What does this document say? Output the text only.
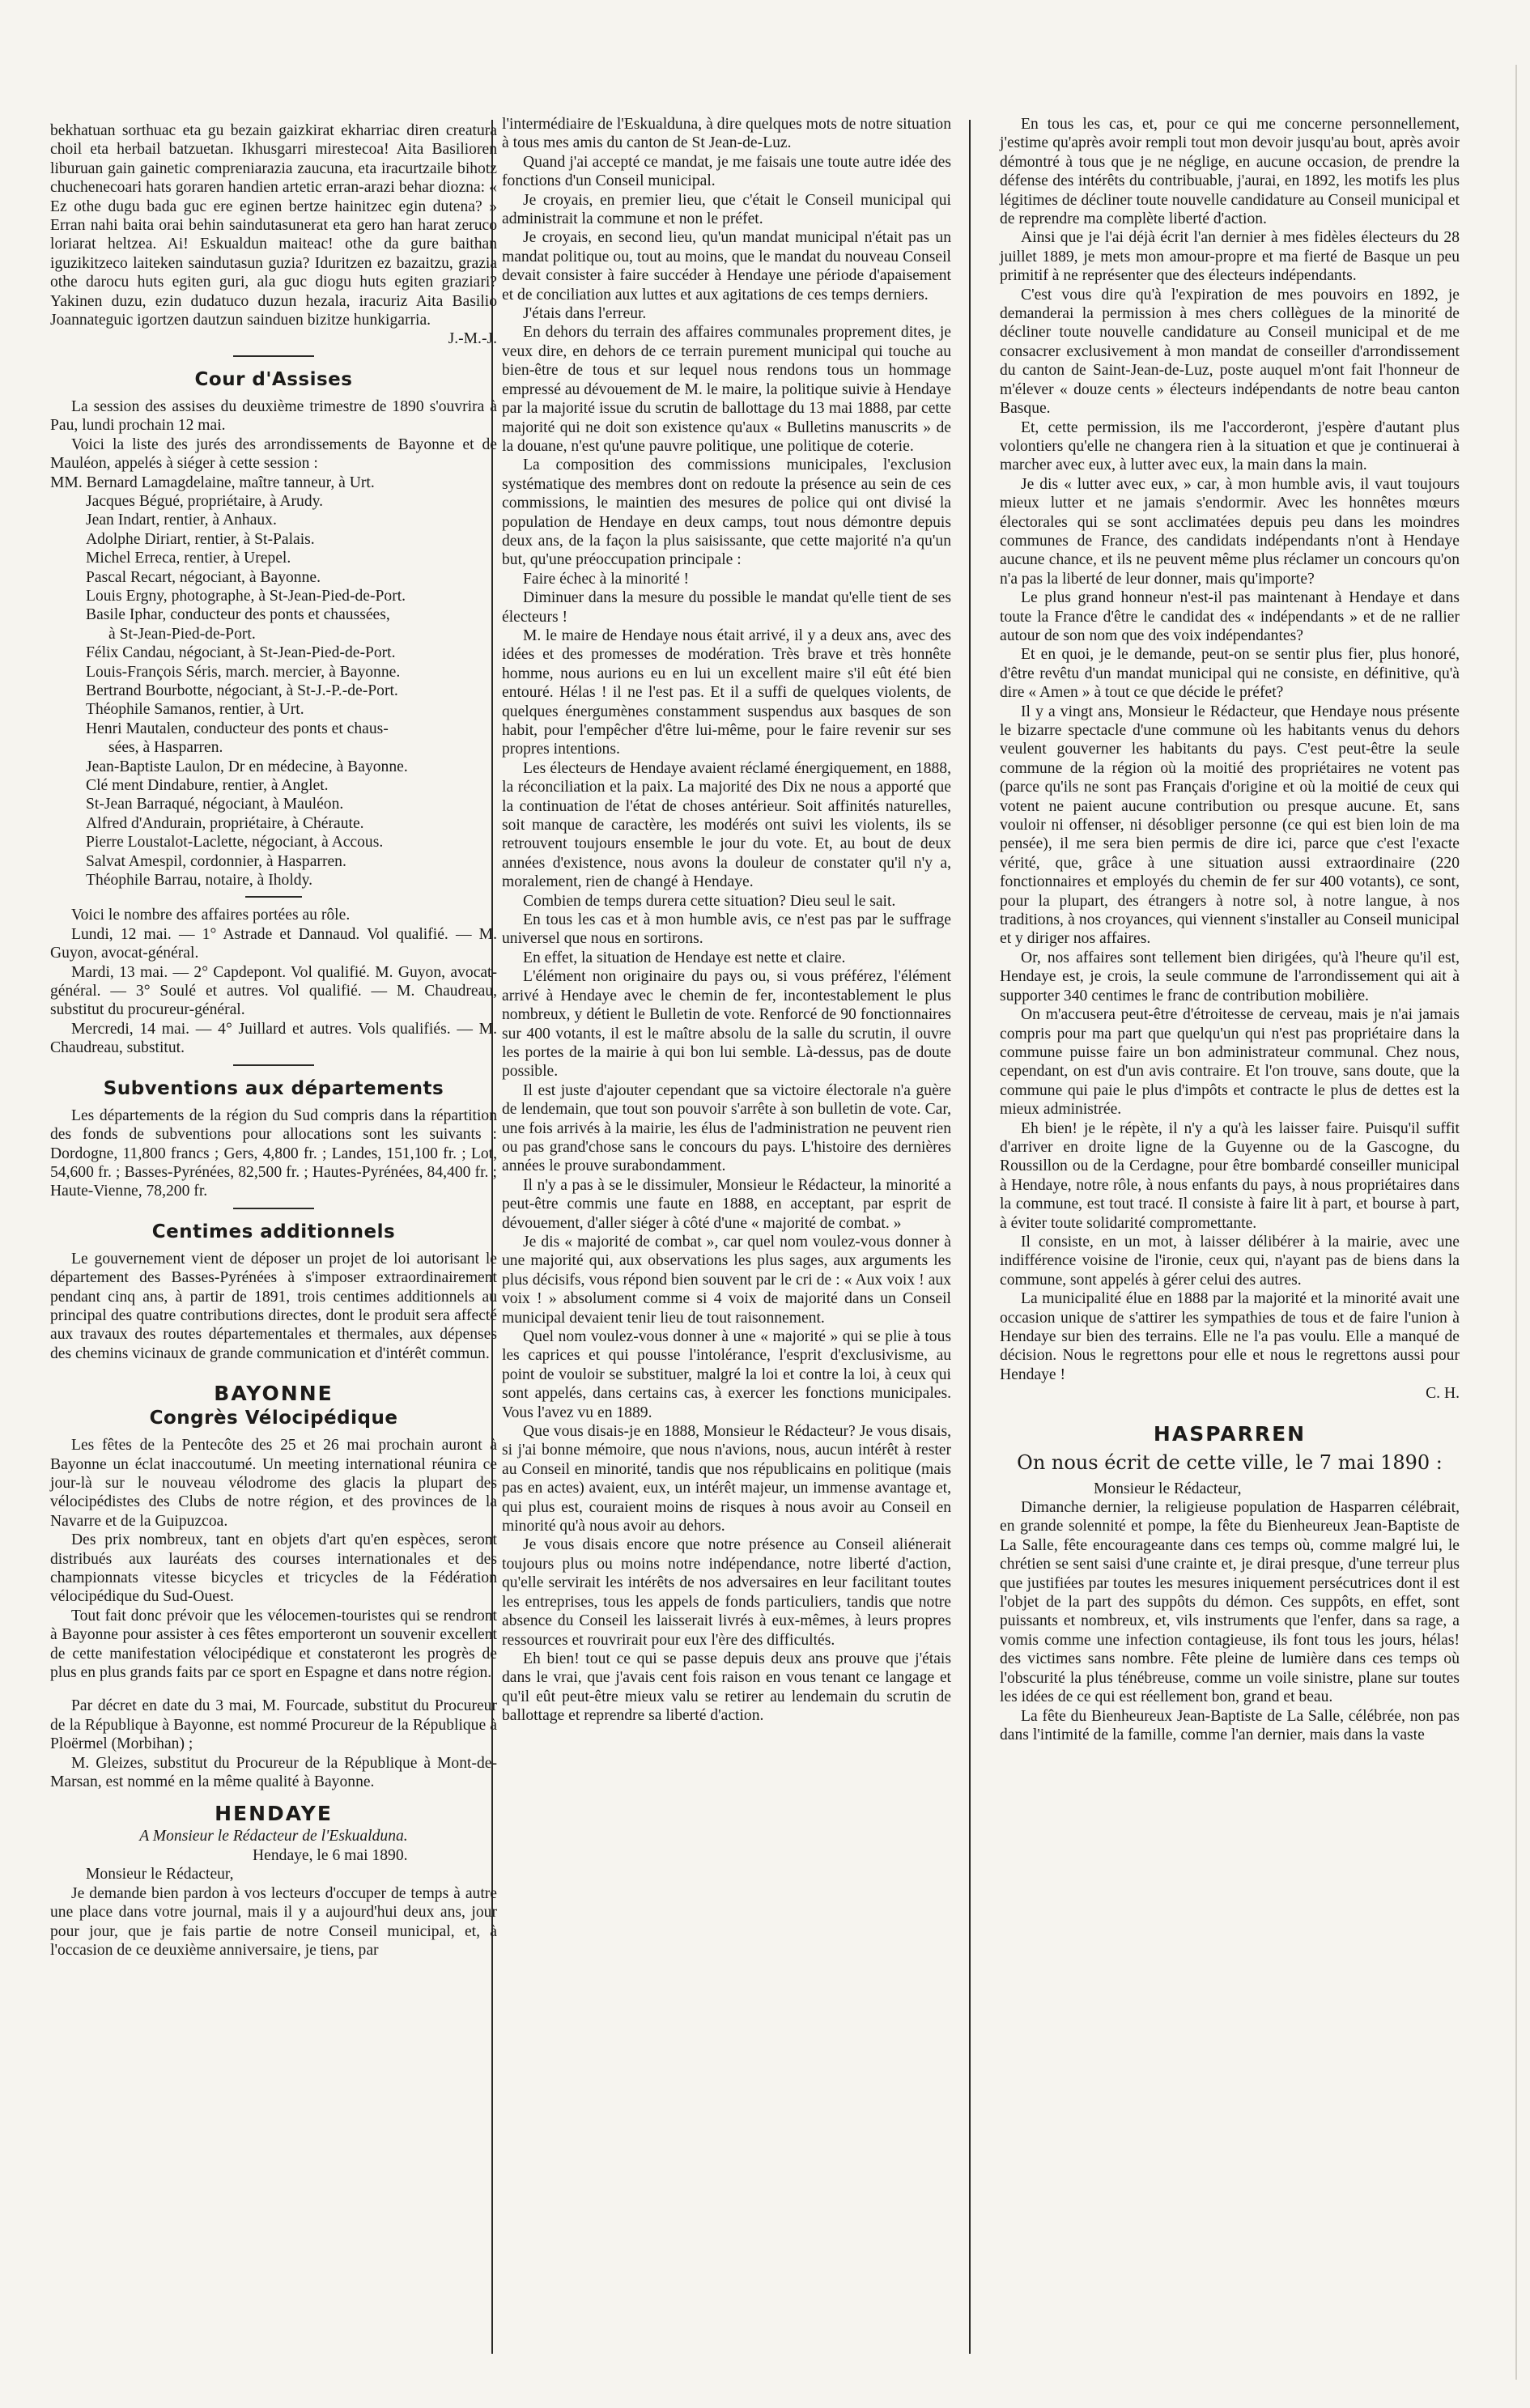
bekhatuan sorthuac eta gu bezain gaizkirat ekharriac diren creatura choil eta herbail batzuetan. Ikhusgarri mirestecoa! Aita Basilioren liburuan gain gainetic compreniarazia zaucuna, eta iracurtzaile bihotz chuchenecoari hats goraren handien artetic erran-arazi behar diozna: « Ez othe dugu bada guc ere eginen bertze hainitzec egin dutena? » Erran nahi baita orai behin saindutasunerat eta gero han harat zeruco loriarat heltzea. Ai! Eskualdun maiteac! othe da gure baithan iguzikitzeco laiteken saindutasun guzia? Iduritzen ez bazaitzu, grazia othe darocu huts egiten guri, ala guc diogu huts egiten graziari? Yakinen duzu, ezin dudatuco duzun hezala, iracuriz Aita Basilio Joannateguic igortzen dautzun sainduen bizitze hunkigarria.

J.-M.-J.

Cour d'Assises

La session des assises du deuxième trimestre de 1890 s'ouvrira à Pau, lundi prochain 12 mai.

Voici la liste des jurés des arrondissements de Bayonne et de Mauléon, appelés à siéger à cette session :

MM. Bernard Lamagdelaine, maître tanneur, à Urt.
Jacques Bégué, propriétaire, à Arudy.
Jean Indart, rentier, à Anhaux.
Adolphe Diriart, rentier, à St-Palais.
Michel Erreca, rentier, à Urepel.
Pascal Recart, négociant, à Bayonne.
Louis Ergny, photographe, à St-Jean-Pied-de-Port.
Basile Iphar, conducteur des ponts et chaussées,
à St-Jean-Pied-de-Port.
Félix Candau, négociant, à St-Jean-Pied-de-Port.
Louis-François Séris, march. mercier, à Bayonne.
Bertrand Bourbotte, négociant, à St-J.-P.-de-Port.
Théophile Samanos, rentier, à Urt.
Henri Mautalen, conducteur des ponts et chaus-
sées, à Hasparren.
Jean-Baptiste Laulon, Dr en médecine, à Bayonne.
Clé ment Dindabure, rentier, à Anglet.
St-Jean Barraqué, négociant, à Mauléon.
Alfred d'Andurain, propriétaire, à Chéraute.
Pierre Loustalot-Laclette, négociant, à Accous.
Salvat Amespil, cordonnier, à Hasparren.
Théophile Barrau, notaire, à Iholdy.

Voici le nombre des affaires portées au rôle.

Lundi, 12 mai. — 1° Astrade et Dannaud. Vol qualifié. — M. Guyon, avocat-général.

Mardi, 13 mai. — 2° Capdepont. Vol qualifié. M. Guyon, avocat-général. — 3° Soulé et autres. Vol qualifié. — M. Chaudreau, substitut du procureur-général.

Mercredi, 14 mai. — 4° Juillard et autres. Vols qualifiés. — M. Chaudreau, substitut.

Subventions aux départements

Les départements de la région du Sud compris dans la répartition des fonds de subventions pour allocations sont les suivants : Dordogne, 11,800 francs ; Gers, 4,800 fr. ; Landes, 151,100 fr. ; Lot, 54,600 fr. ; Basses-Pyrénées, 82,500 fr. ; Hautes-Pyrénées, 84,400 fr. ; Haute-Vienne, 78,200 fr.

Centimes additionnels

Le gouvernement vient de déposer un projet de loi autorisant le département des Basses-Pyrénées à s'imposer extraordinairement pendant cinq ans, à partir de 1891, trois centimes additionnels au principal des quatre contributions directes, dont le produit sera affecté aux travaux des routes départementales et thermales, aux dépenses des chemins vicinaux de grande communication et d'intérêt commun.

BAYONNE
Congrès Vélocipédique

Les fêtes de la Pentecôte des 25 et 26 mai prochain auront à Bayonne un éclat inaccoutumé. Un meeting international réunira ce jour-là sur le nouveau vélodrome des glacis la plupart des vélocipédistes des Clubs de notre région, et des provinces de la Navarre et de la Guipuzcoa.

Des prix nombreux, tant en objets d'art qu'en espèces, seront distribués aux lauréats des courses internationales et des championnats vitesse bicycles et tricycles de la Fédération vélocipédique du Sud-Ouest.

Tout fait donc prévoir que les vélocemen-touristes qui se rendront à Bayonne pour assister à ces fêtes emporteront un souvenir excellent de cette manifestation vélocipédique et constateront les progrès de plus en plus grands faits par ce sport en Espagne et dans notre région.

Par décret en date du 3 mai, M. Fourcade, substitut du Procureur de la République à Bayonne, est nommé Procureur de la République à Ploërmel (Morbihan) ;

M. Gleizes, substitut du Procureur de la République à Mont-de-Marsan, est nommé en la même qualité à Bayonne.

HENDAYE

A Monsieur le Rédacteur de l'Eskualduna.

Hendaye, le 6 mai 1890.

Monsieur le Rédacteur,

Je demande bien pardon à vos lecteurs d'occuper de temps à autre une place dans votre journal, mais il y a aujourd'hui deux ans, jour pour jour, que je fais partie de notre Conseil municipal, et, à l'occasion de ce deuxième anniversaire, je tiens, par

l'intermédiaire de l'Eskualduna, à dire quelques mots de notre situation à tous mes amis du canton de St Jean-de-Luz.

Quand j'ai accepté ce mandat, je me faisais une toute autre idée des fonctions d'un Conseil municipal.

Je croyais, en premier lieu, que c'était le Conseil municipal qui administrait la commune et non le préfet.

Je croyais, en second lieu, qu'un mandat municipal n'était pas un mandat politique ou, tout au moins, que le mandat du nouveau Conseil devait consister à faire succéder à Hendaye une période d'apaisement et de conciliation aux luttes et aux agitations de ces temps derniers.

J'étais dans l'erreur.

En dehors du terrain des affaires communales proprement dites, je veux dire, en dehors de ce terrain purement municipal qui touche au bien-être de tous et sur lequel nous rendons tous un hommage empressé au dévouement de M. le maire, la politique suivie à Hendaye par la majorité issue du scrutin de ballottage du 13 mai 1888, par cette majorité qui ne doit son existence qu'aux « Bulletins manuscrits » de la douane, n'est qu'une pauvre politique, une politique de coterie.

La composition des commissions municipales, l'exclusion systématique des membres dont on redoute la présence au sein de ces commissions, le maintien des mesures de police qui ont divisé la population de Hendaye en deux camps, tout nous démontre depuis deux ans, de la façon la plus saisissante, que cette majorité n'a qu'un but, qu'une préoccupation principale :

Faire échec à la minorité !

Diminuer dans la mesure du possible le mandat qu'elle tient de ses électeurs !

M. le maire de Hendaye nous était arrivé, il y a deux ans, avec des idées et des promesses de modération. Très brave et très honnête homme, nous aurions eu en lui un excellent maire s'il eût été bien entouré. Hélas ! il ne l'est pas. Et il a suffi de quelques violents, de quelques énergumènes constamment suspendus aux basques de son habit, pour l'empêcher d'être lui-même, pour le faire revenir sur ses propres intentions.

Les électeurs de Hendaye avaient réclamé énergiquement, en 1888, la réconciliation et la paix. La majorité des Dix ne nous a apporté que la continuation de l'état de choses antérieur. Soit affinités naturelles, soit manque de caractère, les modérés ont suivi les violents, ils se retrouvent toujours ensemble le jour du vote. Et, au bout de deux années d'existence, nous avons la douleur de constater qu'il n'y a, moralement, rien de changé à Hendaye.

Combien de temps durera cette situation? Dieu seul le sait.

En tous les cas et à mon humble avis, ce n'est pas par le suffrage universel que nous en sortirons.

En effet, la situation de Hendaye est nette et claire.

L'élément non originaire du pays ou, si vous préférez, l'élément arrivé à Hendaye avec le chemin de fer, incontestablement le plus nombreux, y détient le Bulletin de vote. Renforcé de 90 fonctionnaires sur 400 votants, il est le maître absolu de la salle du scrutin, il ouvre les portes de la mairie à qui bon lui semble. Là-dessus, pas de doute possible.

Il est juste d'ajouter cependant que sa victoire électorale n'a guère de lendemain, que tout son pouvoir s'arrête à son bulletin de vote. Car, une fois arrivés à la mairie, les élus de l'administration ne peuvent rien ou pas grand'chose sans le concours du pays. L'histoire des dernières années le prouve surabondamment.

Il n'y a pas à se le dissimuler, Monsieur le Rédacteur, la minorité a peut-être commis une faute en 1888, en acceptant, par esprit de dévouement, d'aller siéger à côté d'une « majorité de combat. »

Je dis « majorité de combat », car quel nom voulez-vous donner à une majorité qui, aux observations les plus sages, aux arguments les plus décisifs, vous répond bien souvent par le cri de : « Aux voix ! aux voix ! » absolument comme si 4 voix de majorité dans un Conseil municipal devaient tenir lieu de tout raisonnement.

Quel nom voulez-vous donner à une « majorité » qui se plie à tous les caprices et qui pousse l'intolérance, l'esprit d'exclusivisme, au point de vouloir se substituer, malgré la loi et contre la loi, à ceux qui sont appelés, dans certains cas, à exercer les fonctions municipales. Vous l'avez vu en 1889.

Que vous disais-je en 1888, Monsieur le Rédacteur? Je vous disais, si j'ai bonne mémoire, que nous n'avions, nous, aucun intérêt à rester au Conseil en minorité, tandis que nos républicains en politique (mais pas en actes) avaient, eux, un intérêt majeur, un immense avantage et, qui plus est, couraient moins de risques à nous avoir au Conseil en minorité qu'à nous avoir au dehors.

Je vous disais encore que notre présence au Conseil aliénerait toujours plus ou moins notre indépendance, notre liberté d'action, qu'elle servirait les intérêts de nos adversaires en leur facilitant toutes les entreprises, tous les appels de fonds particuliers, tandis que notre absence du Conseil les laisserait livrés à eux-mêmes, à leurs propres ressources et rouvrirait pour eux l'ère des difficultés.

Eh bien! tout ce qui se passe depuis deux ans prouve que j'étais dans le vrai, que j'avais cent fois raison en vous tenant ce langage et qu'il eût peut-être mieux valu se retirer au lendemain du scrutin de ballottage et reprendre sa liberté d'action.

En tous les cas, et, pour ce qui me concerne personnellement, j'estime qu'après avoir rempli tout mon devoir jusqu'au bout, après avoir démontré à tous que je ne néglige, en aucune occasion, de prendre la défense des intérêts du contribuable, j'aurai, en 1892, les motifs les plus légitimes de décliner toute nouvelle candidature au Conseil municipal et de reprendre ma complète liberté d'action.

Ainsi que je l'ai déjà écrit l'an dernier à mes fidèles électeurs du 28 juillet 1889, je mets mon amour-propre et ma fierté de Basque un peu primitif à ne représenter que des électeurs indépendants.

C'est vous dire qu'à l'expiration de mes pouvoirs en 1892, je demanderai la permission à mes chers collègues de la minorité de décliner toute nouvelle candidature au Conseil municipal et de me consacrer exclusivement à mon mandat de conseiller d'arrondissement du canton de Saint-Jean-de-Luz, poste auquel m'ont fait l'honneur de m'élever « douze cents » électeurs indépendants de notre beau canton Basque.

Et, cette permission, ils me l'accorderont, j'espère d'autant plus volontiers qu'elle ne changera rien à la situation et que je continuerai à marcher avec eux, à lutter avec eux, la main dans la main.

Je dis « lutter avec eux, » car, à mon humble avis, il vaut toujours mieux lutter et ne jamais s'endormir. Avec les honnêtes mœurs électorales qui se sont acclimatées depuis peu dans les moindres communes de France, des candidats indépendants n'ont à Hendaye aucune chance, et ils ne peuvent même plus réclamer un concours qu'on n'a pas la liberté de leur donner, mais qu'importe?

Le plus grand honneur n'est-il pas maintenant à Hendaye et dans toute la France d'être le candidat des « indépendants » et de ne rallier autour de son nom que des voix indépendantes?

Et en quoi, je le demande, peut-on se sentir plus fier, plus honoré, d'être revêtu d'un mandat municipal qui ne consiste, en définitive, qu'à dire « Amen » à tout ce que décide le préfet?

Il y a vingt ans, Monsieur le Rédacteur, que Hendaye nous présente le bizarre spectacle d'une commune où les habitants venus du dehors veulent gouverner les habitants du pays. C'est peut-être la seule commune de la région où la moitié des propriétaires ne votent pas (parce qu'ils ne sont pas Français d'origine et où la moitié de ceux qui votent ne paient aucune contribution ou presque aucune. Et, sans vouloir ni offenser, ni désobliger personne (ce qui est bien loin de ma pensée), il me sera bien permis de dire ici, parce que c'est l'exacte vérité, que, grâce à une situation aussi extraordinaire (220 fonctionnaires et employés du chemin de fer sur 400 votants), ce sont, pour la plupart, des étrangers à notre sol, à notre langue, à nos traditions, à nos croyances, qui viennent s'installer au Conseil municipal et y diriger nos affaires.

Or, nos affaires sont tellement bien dirigées, qu'à l'heure qu'il est, Hendaye est, je crois, la seule commune de l'arrondissement qui ait à supporter 340 centimes le franc de contribution mobilière.

On m'accusera peut-être d'étroitesse de cerveau, mais je n'ai jamais compris pour ma part que quelqu'un qui n'est pas propriétaire dans la commune puisse faire un bon administrateur communal. Chez nous, cependant, on est d'un avis contraire. Et l'on trouve, sans doute, que la commune qui paie le plus d'impôts et contracte le plus de dettes est la mieux administrée.

Eh bien! je le répète, il n'y a qu'à les laisser faire. Puisqu'il suffit d'arriver en droite ligne de la Guyenne ou de la Gascogne, du Roussillon ou de la Cerdagne, pour être bombardé conseiller municipal à Hendaye, notre rôle, à nous enfants du pays, à nous propriétaires dans la commune, est tout tracé. Il consiste à faire lit à part, et bourse à part, à éviter toute solidarité compromettante.

Il consiste, en un mot, à laisser délibérer à la mairie, avec une indifférence voisine de l'ironie, ceux qui, n'ayant pas de biens dans la commune, sont appelés à gérer celui des autres.

La municipalité élue en 1888 par la majorité et la minorité avait une occasion unique de s'attirer les sympathies de tous et de faire l'union à Hendaye sur bien des terrains. Elle ne l'a pas voulu. Elle a manqué de décision. Nous le regrettons pour elle et nous le regrettons aussi pour Hendaye !

C. H.

HASPARREN
On nous écrit de cette ville, le 7 mai 1890 :

Monsieur le Rédacteur,

Dimanche dernier, la religieuse population de Hasparren célébrait, en grande solennité et pompe, la fête du Bienheureux Jean-Baptiste de La Salle, fête encourageante dans ces temps où, comme malgré lui, le chrétien se sent saisi d'une crainte et, je dirai presque, d'une terreur plus que justifiées par toutes les mesures iniquement persécutrices dont il est l'objet de la part des suppôts du démon. Ces suppôts, en effet, sont puissants et nombreux, et, vils instruments que l'enfer, dans sa rage, a vomis comme une infection contagieuse, ils font tous les jours, hélas! des victimes sans nombre. Fête pleine de lumière dans ces temps où l'obscurité la plus ténébreuse, comme un voile sinistre, plane sur toutes les idées de ce qui est réellement bon, grand et beau.

La fête du Bienheureux Jean-Baptiste de La Salle, célébrée, non pas dans l'intimité de la famille, comme l'an dernier, mais dans la vaste
